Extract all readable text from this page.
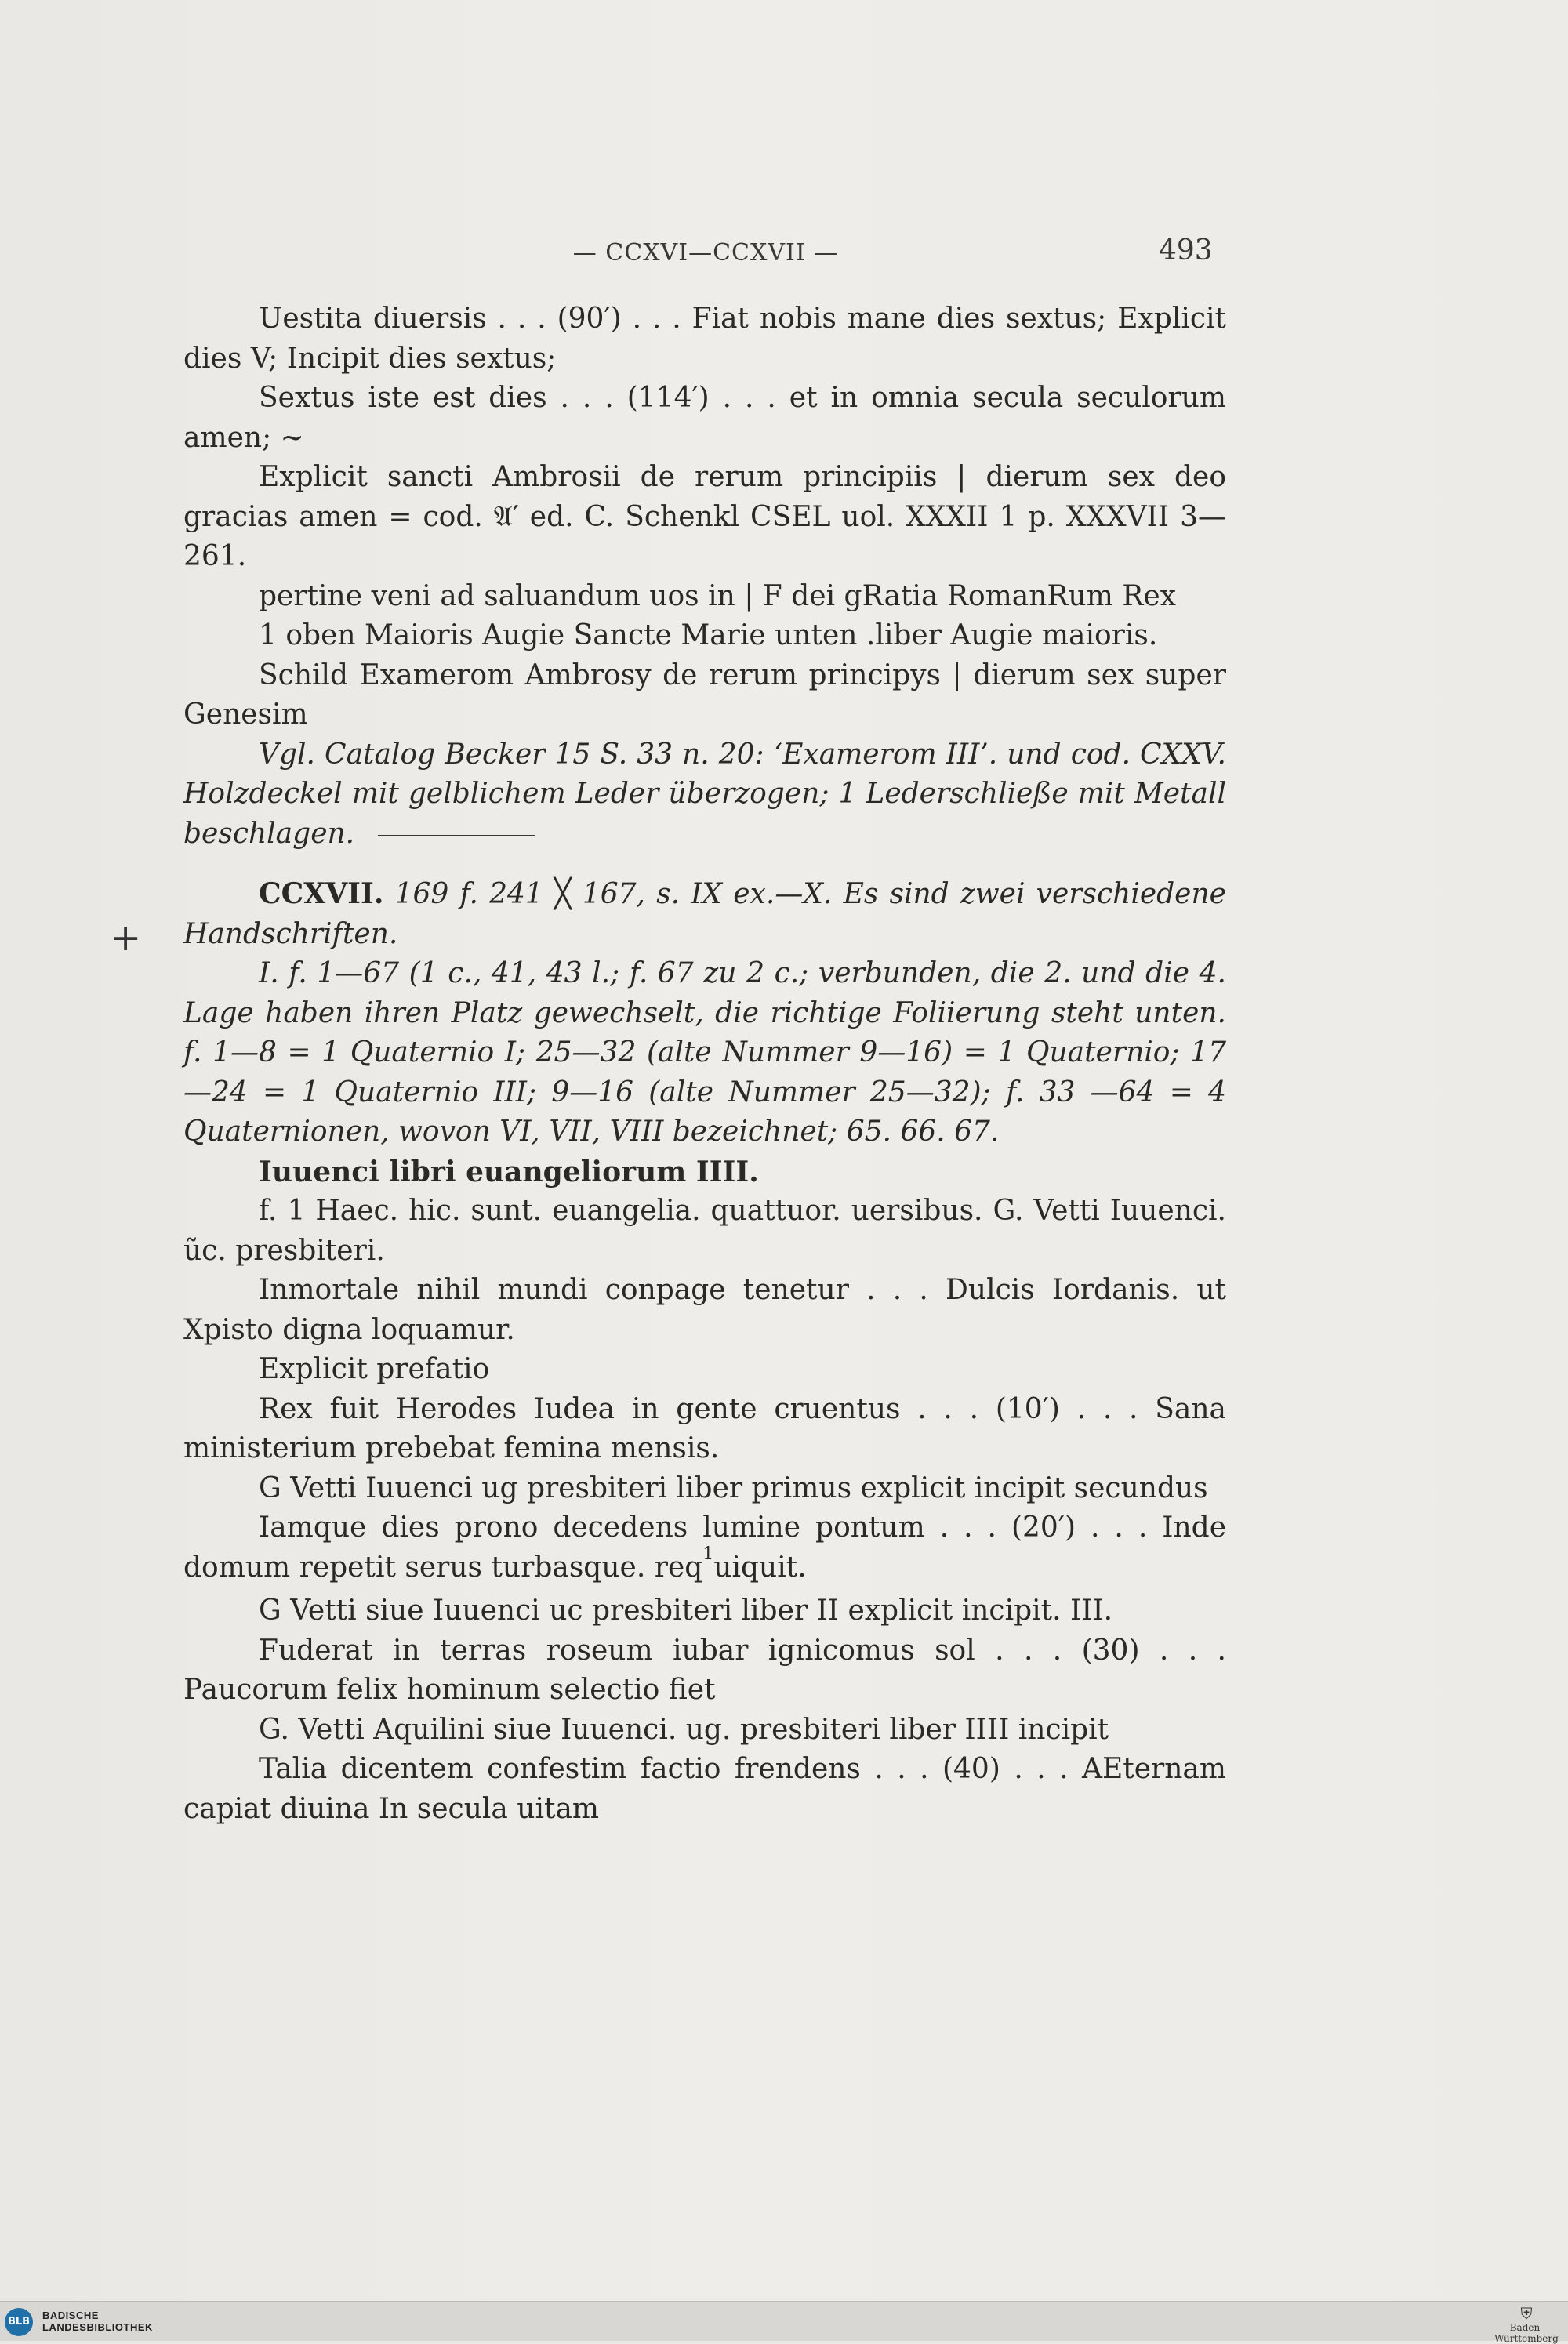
— CCXVI—CCXVII —	493
+

Uestita diuersis . . . (90′) . . . Fiat nobis mane dies sextus; Explicit dies V; Incipit dies sextus;

Sextus iste est dies . . . (114′) . . . et in omnia secula seculorum amen; ~

Explicit sancti Ambrosii de rerum principiis | dierum sex deo gracias amen = cod. 𝔄′ ed. C. Schenkl CSEL uol. XXXII 1 p. XXXVII 3—261.

pertine veni ad saluandum uos in | F dei gRatia RomanRum Rex

1 oben Maioris Augie Sancte Marie unten .liber Augie maioris.

Schild Examerom Ambrosy de rerum principys | dierum sex super Genesim

Vgl. Catalog Becker 15 S. 33 n. 20: ‘Examerom III’. und cod. CXXV. Holzdeckel mit gelblichem Leder überzogen; 1 Lederschließe mit Metall beschlagen.

CCXVII. 169 f. 241 ╳ 167, s. IX ex.—X. Es sind zwei verschiedene Handschriften.

I. f. 1—67 (1 c., 41, 43 l.; f. 67 zu 2 c.; verbunden, die 2. und die 4. Lage haben ihren Platz gewechselt, die richtige Foliierung steht unten. f. 1—8 = 1 Quaternio I; 25—32 (alte Nummer 9—16) = 1 Quaternio; 17—24 = 1 Quaternio III; 9—16 (alte Nummer 25—32); f. 33 —64 = 4 Quaternionen, wovon VI, VII, VIII bezeichnet; 65. 66. 67.

Iuuenci libri euangeliorum IIII.

f. 1 Haec. hic. sunt. euangelia. quattuor. uersibus. G. Vetti Iuuenci. ũc. presbiteri.

Inmortale nihil mundi conpage tenetur . . . Dulcis Iordanis. ut Χpisto digna loquamur.

Explicit prefatio

Rex fuit Herodes Iudea in gente cruentus . . . (10′) . . . Sana ministerium prebebat femina mensis.

G Vetti Iuuenci ug presbiteri liber primus explicit incipit secundus

Iamque dies prono decedens lumine pontum . . . (20′) . . . Inde domum repetit serus turbasque. req$^1$uiquit.

G Vetti siue Iuuenci uc presbiteri liber II explicit incipit. III.

Fuderat in terras roseum iubar ignicomus sol . . . (30) . . . Paucorum felix hominum selectio fiet

G. Vetti Aquilini siue Iuuenci. ug. presbiteri liber IIII incipit

Talia dicentem confestim factio frendens . . . (40) . . . AEternam capiat diuina In secula uitam

BLB
BADISCHE
LANDESBIBLIOTHEK
⛨
Baden-Württemberg
